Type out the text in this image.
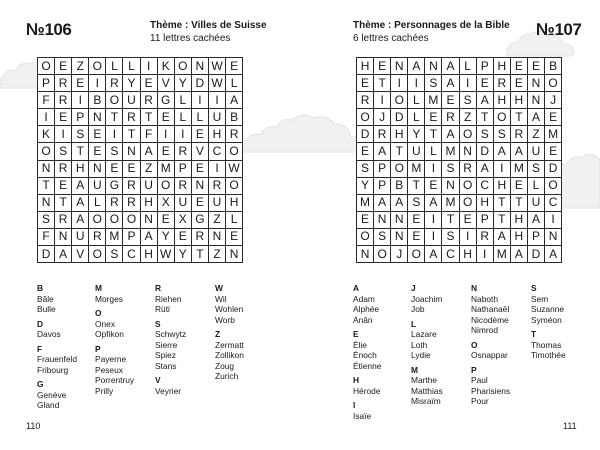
№106	Thème : Villes de Suisse
11 lettres cachées
O	E	Z	O	L	L	I	K	O	N	W	E
P	R	E	I	R	Y	E	V	Y	D	W	L
F	R	I	B	O	U	R	G	L	I	I	A
I	E	P	N	T	R	T	E	L	L	U	B
K	I	S	E	I	T	F	I	I	E	H	R
O	S	T	E	S	N	A	E	R	V	C	O
N	R	H	N	E	E	Z	M	P	E	I	W
T	E	A	U	G	R	U	O	R	N	R	O
N	T	A	L	R	R	H	X	U	E	U	H
S	R	A	O	O	O	N	E	X	G	Z	L
F	N	U	R	M	P	A	Y	E	R	N	E
D	A	V	O	S	C	H	W	Y	T	Z	N
B
Bâle
Bulle
D
Davos
F
Frauenfeld
Fribourg
G
Genève
Gland
M
Morges
O
Onex
Opfikon
P
Payerne
Peseux
Porrentruy
Prilly
R
Riehen
Rüti
S
Schwytz
Sierre
Spiez
Stans
V
Veyrier
W
Wil
Wohlen
Worb
Z
Zermatt
Zollikon
Zoug
Zurich
110
№107
Thème : Personnages de la Bible
6 lettres cachées
H	E	N	A	N	A	L	P	H	E	E	B
E	T	I	I	S	A	I	E	R	E	N	O
R	I	O	L	M	E	S	A	H	H	N	J
O	J	D	L	E	R	Z	T	O	T	A	E
D	R	H	Y	T	A	O	S	S	R	Z	M
E	A	T	U	L	M	N	D	A	A	U	E
S	P	O	M	I	S	R	A	I	M	S	D
Y	P	B	T	E	N	O	C	H	E	L	O
M	A	A	S	A	M	O	H	T	T	U	C
E	N	N	E	I	T	E	P	T	H	A	I
O	S	N	E	I	S	I	R	A	H	P	N
N	O	J	O	A	C	H	I	M	A	D	A
A
Adam
Alphée
Anân
E
Élie
Énoch
Étienne
H
Hérode
I
Isaïe
J
Joachim
Job
L
Lazare
Loth
Lydie
M
Marthe
Matthias
Misraïm
N
Naboth
Nathanaël
Nicodème
Nimrod
O
Osnappar
P
Paul
Pharisiens
Pour
S
Sem
Suzanne
Syméon
T
Thomas
Timothée
111
